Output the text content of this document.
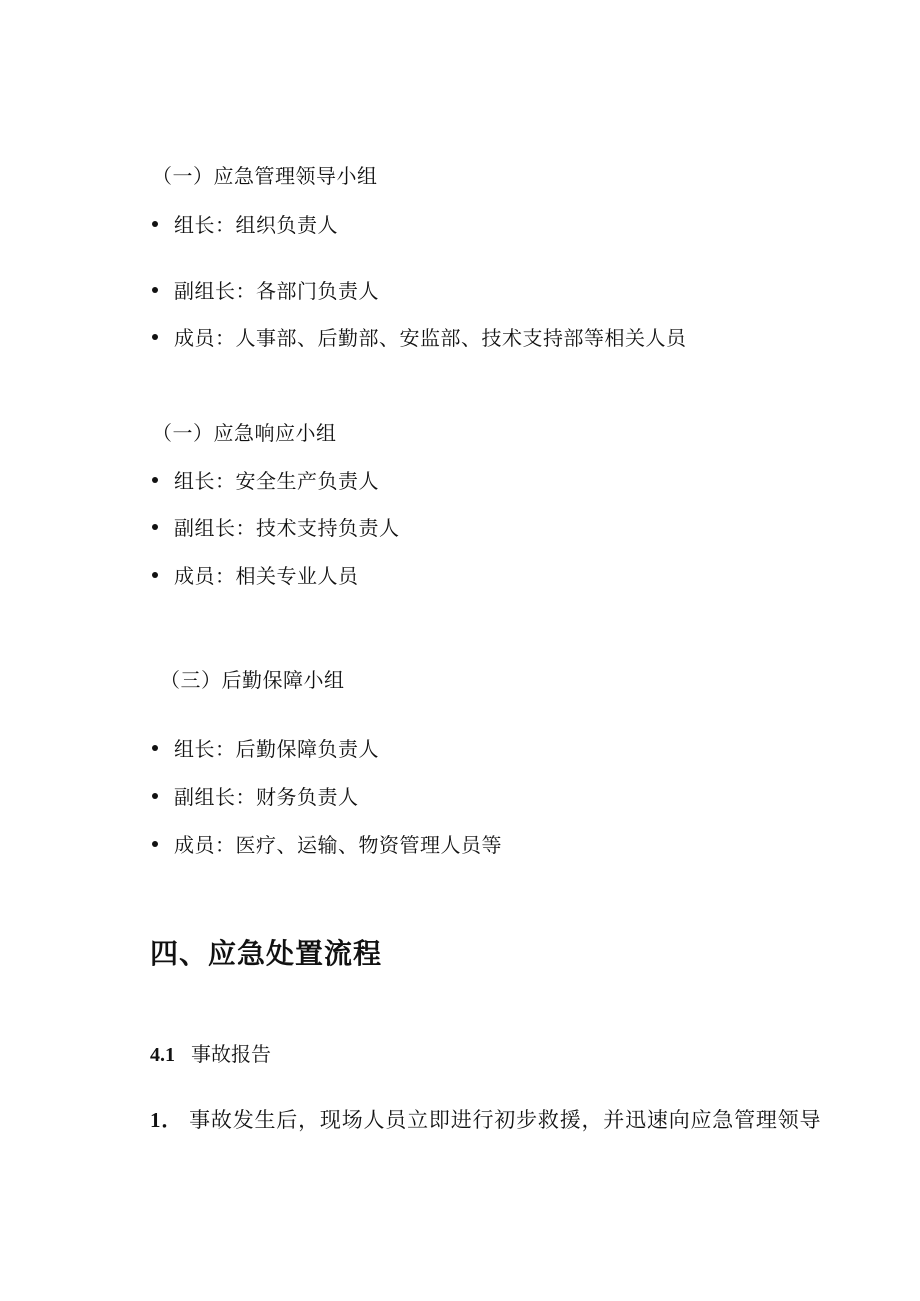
（一）应急管理领导小组
组长：组织负责人
副组长：各部门负责人
成员：人事部、后勤部、安监部、技术支持部等相关人员
（一）应急响应小组
组长：安全生产负责人
副组长：技术支持负责人
成员：相关专业人员
（三）后勤保障小组
组长：后勤保障负责人
副组长：财务负责人
成员：医疗、运输、物资管理人员等
四、应急处置流程
4.1 事故报告
1． 事故发生后，现场人员立即进行初步救援，并迅速向应急管理领导
